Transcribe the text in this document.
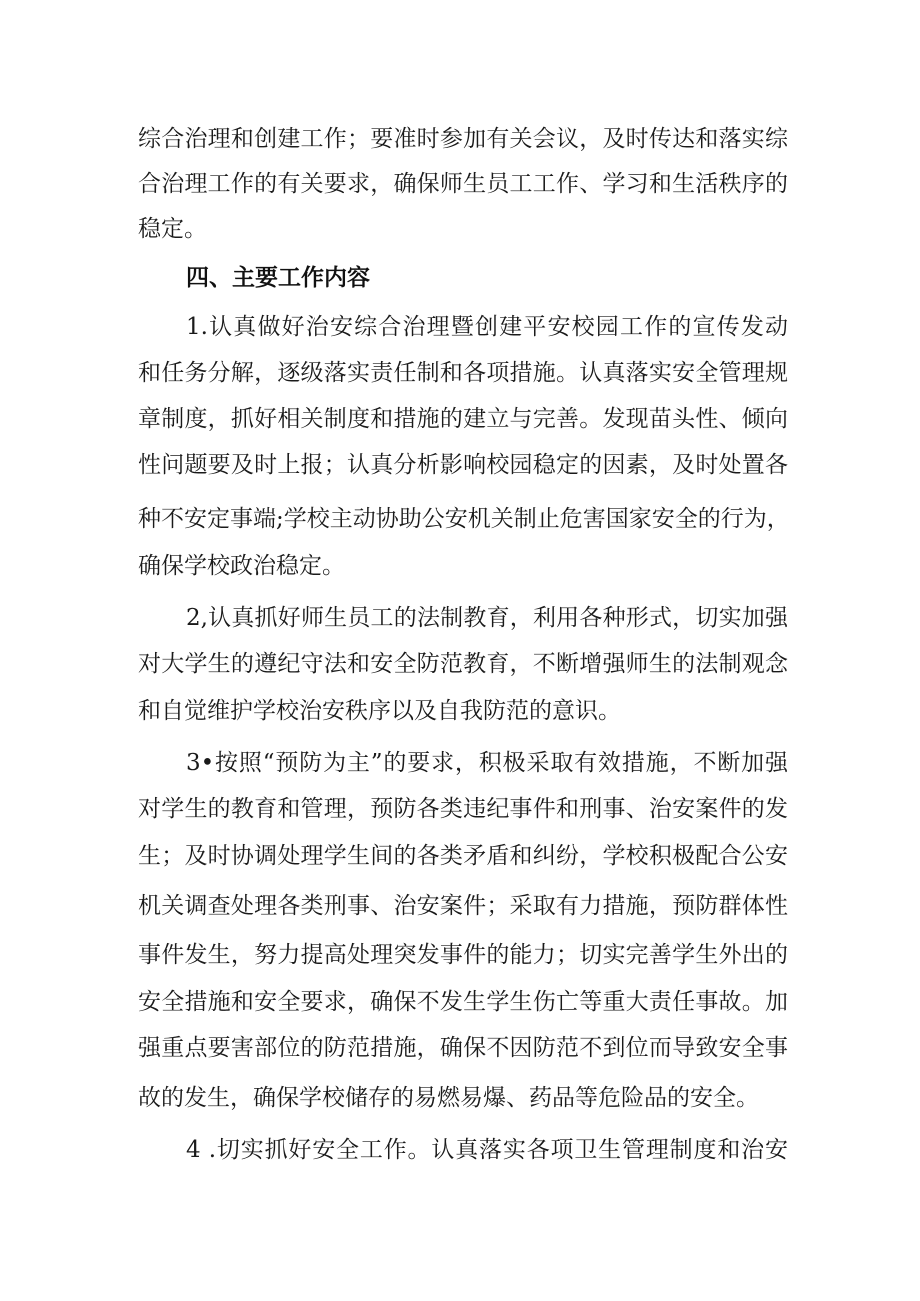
综合治理和创建工作；要准时参加有关会议，及时传达和落实综
合治理工作的有关要求，确保师生员工工作、学习和生活秩序的
稳定。
四、主要工作内容
1.认真做好治安综合治理暨创建平安校园工作的宣传发动
和任务分解，逐级落实责任制和各项措施。认真落实安全管理规
章制度，抓好相关制度和措施的建立与完善。发现苗头性、倾向
性问题要及时上报；认真分析影响校园稳定的因素，及时处置各
种不安定事端;学校主动协助公安机关制止危害国家安全的行为，
确保学校政治稳定。
2,认真抓好师生员工的法制教育，利用各种形式，切实加强
对大学生的遵纪守法和安全防范教育，不断增强师生的法制观念
和自觉维护学校治安秩序以及自我防范的意识。
3•按照“预防为主”的要求，积极采取有效措施，不断加强
对学生的教育和管理，预防各类违纪事件和刑事、治安案件的发
生；及时协调处理学生间的各类矛盾和纠纷，学校积极配合公安
机关调查处理各类刑事、治安案件；采取有力措施，预防群体性
事件发生，努力提高处理突发事件的能力；切实完善学生外出的
安全措施和安全要求，确保不发生学生伤亡等重大责任事故。加
强重点要害部位的防范措施，确保不因防范不到位而导致安全事
故的发生，确保学校储存的易燃易爆、药品等危险品的安全。
4 .切实抓好安全工作。认真落实各项卫生管理制度和治安
